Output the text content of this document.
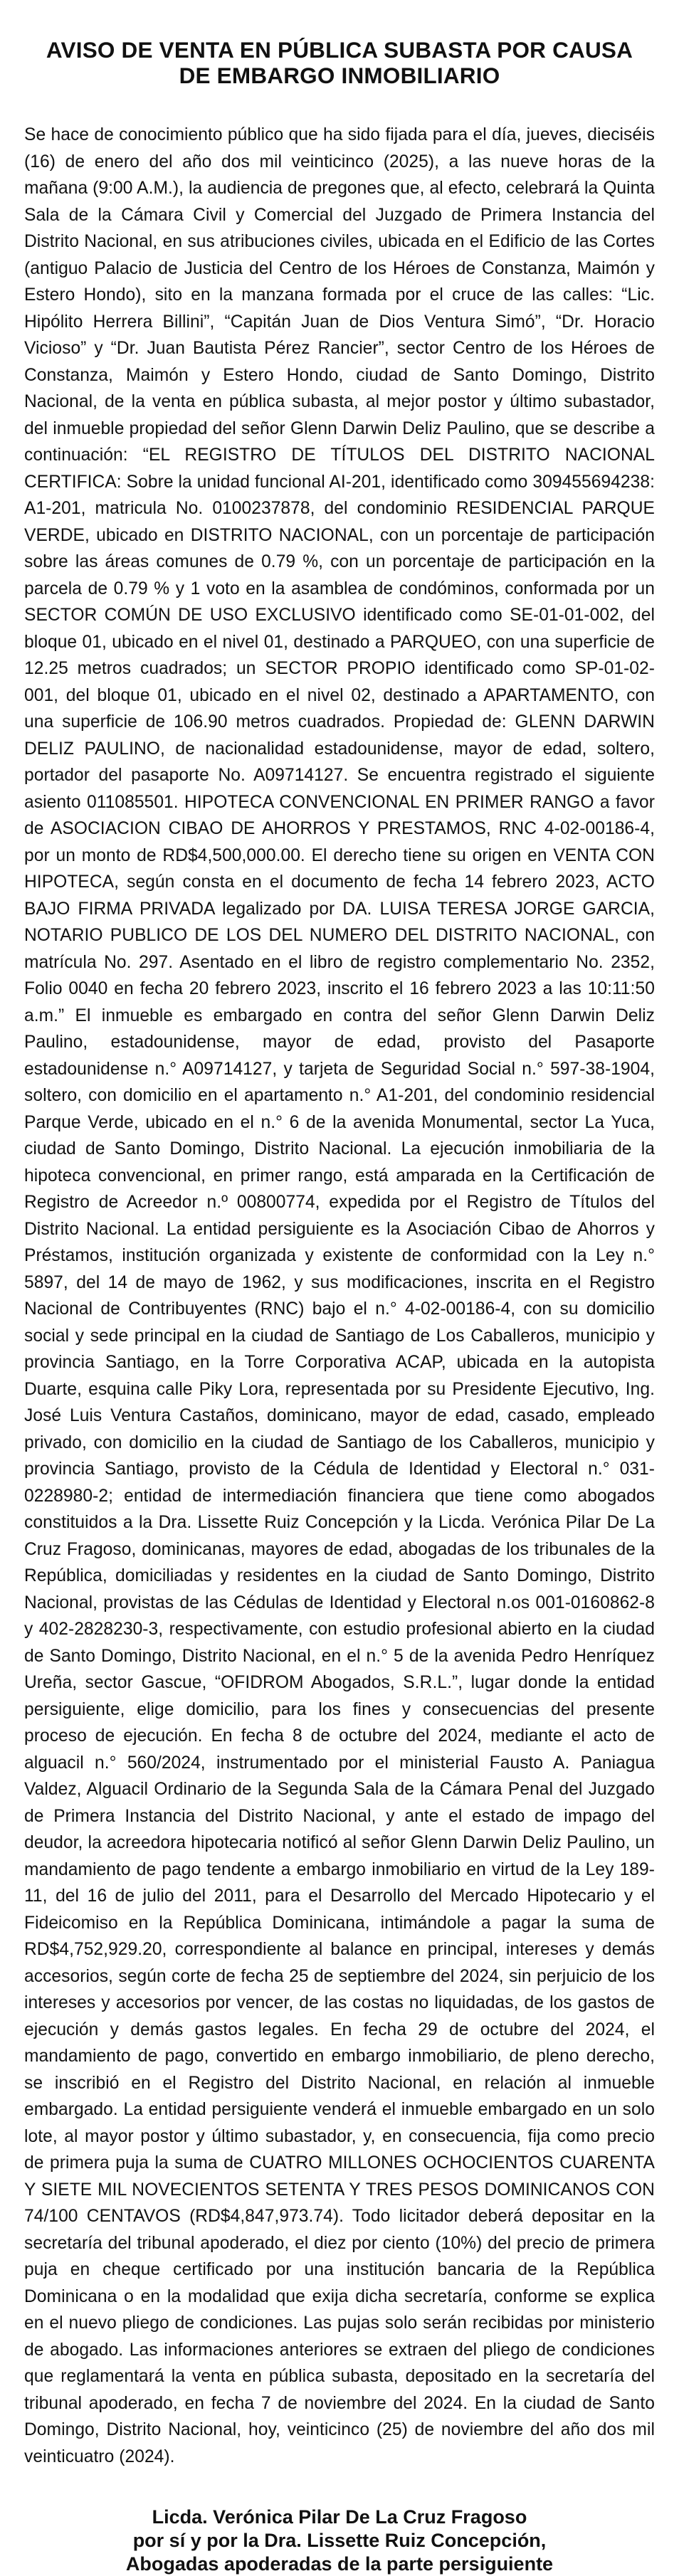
AVISO DE VENTA EN PÚBLICA SUBASTA POR CAUSA
DE EMBARGO INMOBILIARIO

Se hace de conocimiento público que ha sido fijada para el día, jueves, dieciséis (16) de enero del año dos mil veinticinco (2025), a las nueve horas de la mañana (9:00 A.M.), la audiencia de pregones que, al efecto, celebrará la Quinta Sala de la Cámara Civil y Comercial del Juzgado de Primera Instancia del Distrito Nacional, en sus atribuciones civiles, ubicada en el Edificio de las Cortes (antiguo Palacio de Justicia del Centro de los Héroes de Constanza, Maimón y Estero Hondo), sito en la manzana formada por el cruce de las calles: “Lic. Hipólito Herrera Billini”, “Capitán Juan de Dios Ventura Simó”, “Dr. Horacio Vicioso” y “Dr. Juan Bautista Pérez Rancier”, sector Centro de los Héroes de Constanza, Maimón y Estero Hondo, ciudad de Santo Domingo, Distrito Nacional, de la venta en pública subasta, al mejor postor y último subastador, del inmueble propiedad del señor Glenn Darwin Deliz Paulino, que se describe a continuación: “EL REGISTRO DE TÍTULOS DEL DISTRITO NACIONAL CERTIFICA: Sobre la unidad funcional AI-201, identificado como 309455694238: A1-201, matricula No. 0100237878, del condominio RESIDENCIAL PARQUE VERDE, ubicado en DISTRITO NACIONAL, con un porcentaje de participación sobre las áreas comunes de 0.79 %, con un porcentaje de participación en la parcela de 0.79 % y 1 voto en la asamblea de condóminos, conformada por un SECTOR COMÚN DE USO EXCLUSIVO identificado como SE-01-01-002, del bloque 01, ubicado en el nivel 01, destinado a PARQUEO, con una superficie de 12.25 metros cuadrados; un SECTOR PROPIO identificado como SP-01-02-001, del bloque 01, ubicado en el nivel 02, destinado a APARTAMENTO, con una superficie de 106.90 metros cuadrados. Propiedad de: GLENN DARWIN DELIZ PAULINO, de nacionalidad estadounidense, mayor de edad, soltero, portador del pasaporte No. A09714127. Se encuentra registrado el siguiente asiento 011085501. HIPOTECA CONVENCIONAL EN PRIMER RANGO a favor de ASOCIACION CIBAO DE AHORROS Y PRESTAMOS, RNC 4-02-00186-4, por un monto de RD$4,500,000.00. El derecho tiene su origen en VENTA CON HIPOTECA, según consta en el documento de fecha 14 febrero 2023, ACTO BAJO FIRMA PRIVADA legalizado por DA. LUISA TERESA JORGE GARCIA, NOTARIO PUBLICO DE LOS DEL NUMERO DEL DISTRITO NACIONAL, con matrícula No. 297. Asentado en el libro de registro complementario No. 2352, Folio 0040 en fecha 20 febrero 2023, inscrito el 16 febrero 2023 a las 10:11:50 a.m.” El inmueble es embargado en contra del señor Glenn Darwin Deliz Paulino, estadounidense, mayor de edad, provisto del Pasaporte estadounidense n.° A09714127, y tarjeta de Seguridad Social n.° 597-38-1904, soltero, con domicilio en el apartamento n.° A1-201, del condominio residencial Parque Verde, ubicado en el n.° 6 de la avenida Monumental, sector La Yuca, ciudad de Santo Domingo, Distrito Nacional. La ejecución inmobiliaria de la hipoteca convencional, en primer rango, está amparada en la Certificación de Registro de Acreedor n.º 00800774, expedida por el Registro de Títulos del Distrito Nacional. La entidad persiguiente es la Asociación Cibao de Ahorros y Préstamos, institución organizada y existente de conformidad con la Ley n.° 5897, del 14 de mayo de 1962, y sus modificaciones, inscrita en el Registro Nacional de Contribuyentes (RNC) bajo el n.° 4-02-00186-4, con su domicilio social y sede principal en la ciudad de Santiago de Los Caballeros, municipio y provincia Santiago, en la Torre Corporativa ACAP, ubicada en la autopista Duarte, esquina calle Piky Lora, representada por su Presidente Ejecutivo, Ing. José Luis Ventura Castaños, dominicano, mayor de edad, casado, empleado privado, con domicilio en la ciudad de Santiago de los Caballeros, municipio y provincia Santiago, provisto de la Cédula de Identidad y Electoral n.° 031-0228980-2; entidad de intermediación financiera que tiene como abogados constituidos a la Dra. Lissette Ruiz Concepción y la Licda. Verónica Pilar De La Cruz Fragoso, dominicanas, mayores de edad, abogadas de los tribunales de la República, domiciliadas y residentes en la ciudad de Santo Domingo, Distrito Nacional, provistas de las Cédulas de Identidad y Electoral n.os 001-0160862-8 y 402-2828230-3, respectivamente, con estudio profesional abierto en la ciudad de Santo Domingo, Distrito Nacional, en el n.° 5 de la avenida Pedro Henríquez Ureña, sector Gascue, “OFIDROM Abogados, S.R.L.”, lugar donde la entidad persiguiente, elige domicilio, para los fines y consecuencias del presente proceso de ejecución. En fecha 8 de octubre del 2024, mediante el acto de alguacil n.° 560/2024, instrumentado por el ministerial Fausto A. Paniagua Valdez, Alguacil Ordinario de la Segunda Sala de la Cámara Penal del Juzgado de Primera Instancia del Distrito Nacional, y ante el estado de impago del deudor, la acreedora hipotecaria notificó al señor Glenn Darwin Deliz Paulino, un mandamiento de pago tendente a embargo inmobiliario en virtud de la Ley 189-11, del 16 de julio del 2011, para el Desarrollo del Mercado Hipotecario y el Fideicomiso en la República Dominicana, intimándole a pagar la suma de RD$4,752,929.20, correspondiente al balance en principal, intereses y demás accesorios, según corte de fecha 25 de septiembre del 2024, sin perjuicio de los intereses y accesorios por vencer, de las costas no liquidadas, de los gastos de ejecución y demás gastos legales. En fecha 29 de octubre del 2024, el mandamiento de pago, convertido en embargo inmobiliario, de pleno derecho, se inscribió en el Registro del Distrito Nacional, en relación al inmueble embargado. La entidad persiguiente venderá el inmueble embargado en un solo lote, al mayor postor y último subastador, y, en consecuencia, fija como precio de primera puja la suma de CUATRO MILLONES OCHOCIENTOS CUARENTA Y SIETE MIL NOVECIENTOS SETENTA Y TRES PESOS DOMINICANOS CON 74/100 CENTAVOS (RD$4,847,973.74). Todo licitador deberá depositar en la secretaría del tribunal apoderado, el diez por ciento (10%) del precio de primera puja en cheque certificado por una institución bancaria de la República Dominicana o en la modalidad que exija dicha secretaría, conforme se explica en el nuevo pliego de condiciones. Las pujas solo serán recibidas por ministerio de abogado. Las informaciones anteriores se extraen del pliego de condiciones que reglamentará la venta en pública subasta, depositado en la secretaría del tribunal apoderado, en fecha 7 de noviembre del 2024. En la ciudad de Santo Domingo, Distrito Nacional, hoy, veinticinco (25) de noviembre del año dos mil veinticuatro (2024).

Licda. Verónica Pilar De La Cruz Fragoso
por sí y por la Dra. Lissette Ruiz Concepción,
Abogadas apoderadas de la parte persiguiente
